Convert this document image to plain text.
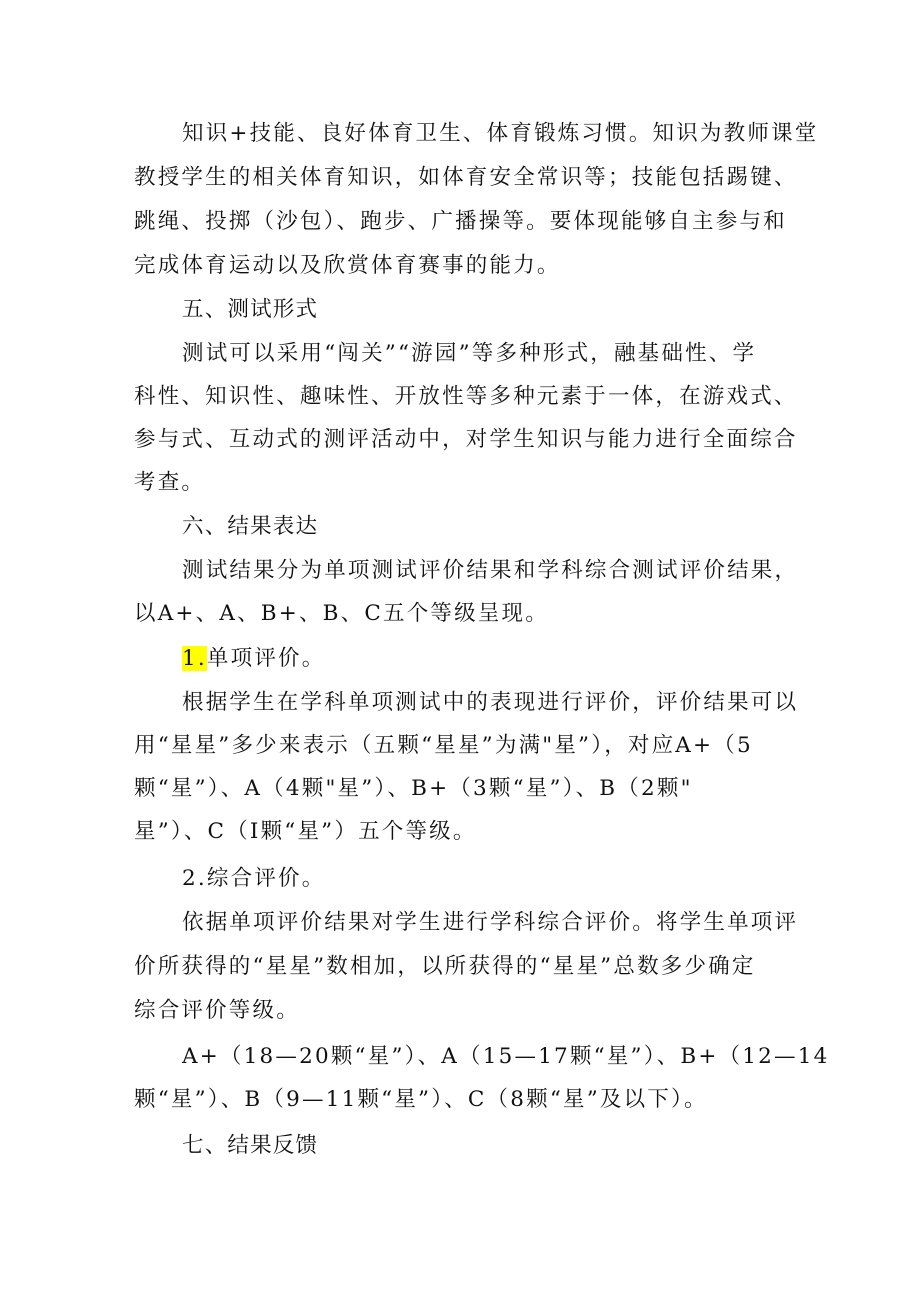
知识+技能、良好体育卫生、体育锻炼习惯。知识为教师课堂
教授学生的相关体育知识，如体育安全常识等；技能包括踢键、
跳绳、投掷（沙包）、跑步、广播操等。要体现能够自主参与和
完成体育运动以及欣赏体育赛事的能力。
五、测试形式
测试可以采用“闯关”“游园”等多种形式，融基础性、学
科性、知识性、趣味性、开放性等多种元素于一体，在游戏式、
参与式、互动式的测评活动中，对学生知识与能力进行全面综合
考查。
六、结果表达
测试结果分为单项测试评价结果和学科综合测试评价结果，
以A+、A、B+、B、C五个等级呈现。
1.单项评价。
根据学生在学科单项测试中的表现进行评价，评价结果可以
用“星星”多少来表示（五颗“星星”为满"星”），对应A+（5
颗“星”）、A（4颗"星”）、B+（3颗“星”）、B（2颗"
星”）、C（I颗“星”）五个等级。
2.综合评价。
依据单项评价结果对学生进行学科综合评价。将学生单项评
价所获得的“星星”数相加，以所获得的“星星”总数多少确定
综合评价等级。
A+（18—20颗“星”）、A（15—17颗“星”）、B+（12—14
颗“星”）、B（9—11颗“星”）、C（8颗“星”及以下）。
七、结果反馈
